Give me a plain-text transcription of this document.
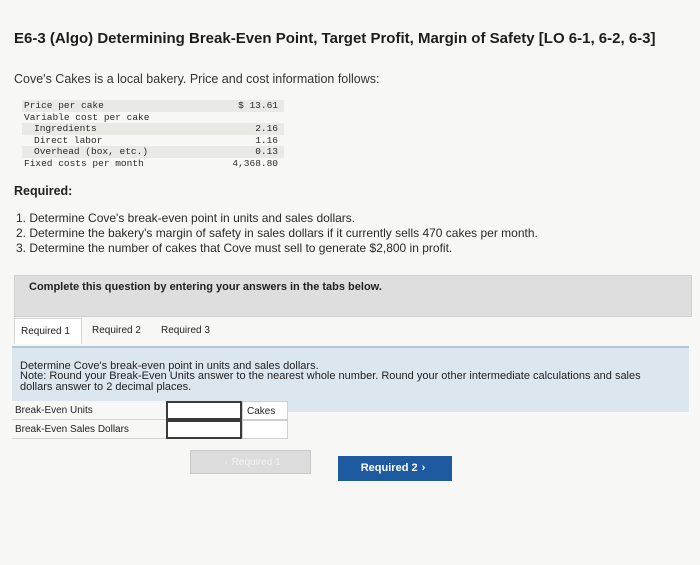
E6-3 (Algo) Determining Break-Even Point, Target Profit, Margin of Safety [LO 6-1, 6-2, 6-3]
Cove's Cakes is a local bakery. Price and cost information follows:
Price per cake	$ 13.61
Variable cost per cake
Ingredients	2.16
Direct labor	1.16
Overhead (box, etc.)	0.13
Fixed costs per month	4,368.80
Required:
1. Determine Cove's break-even point in units and sales dollars.
2. Determine the bakery's margin of safety in sales dollars if it currently sells 470 cakes per month.
3. Determine the number of cakes that Cove must sell to generate $2,800 in profit.
Complete this question by entering your answers in the tabs below.
Required 1	Required 2	Required 3
Determine Cove's break-even point in units and sales dollars.
Note: Round your Break-Even Units answer to the nearest whole number. Round your other intermediate calculations and sales dollars answer to 2 decimal places.
Break-Even Units	Cakes
Break-Even Sales Dollars
‹ Required 1	Required 2 ›
